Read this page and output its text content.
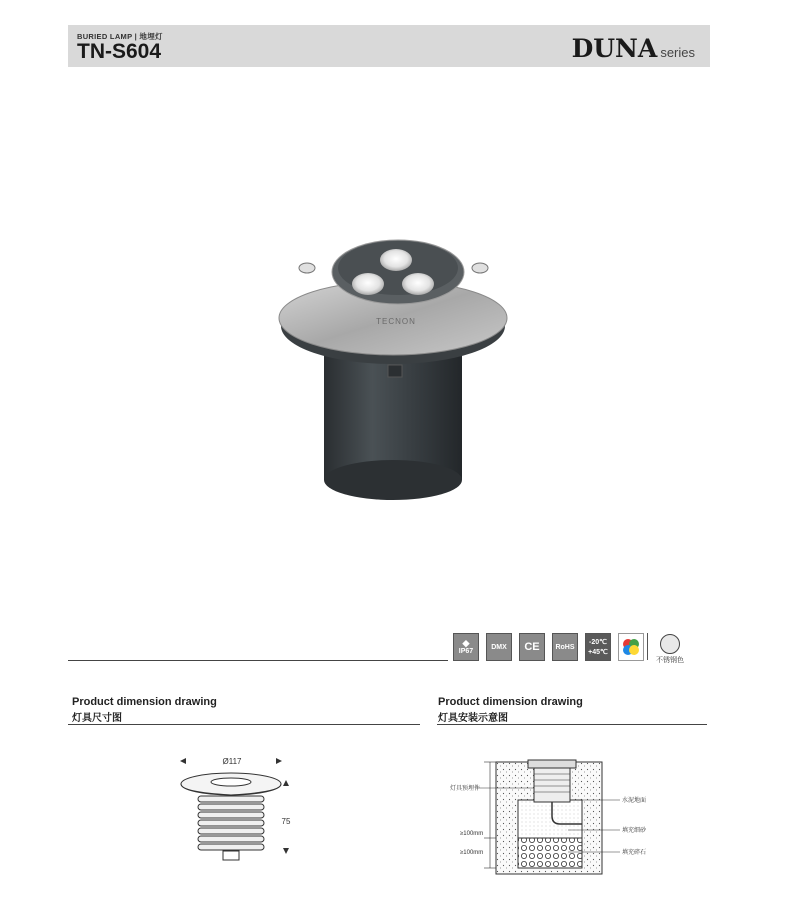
BURIED LAMP | 地埋灯
TN-S604	DUNA series
TECNON
◆
IP67
DMX CE RoHS
-20℃
+45℃
不锈钢色
Product dimension drawing
灯具尺寸图
Product dimension drawing
灯具安装示意图
Ø117
75
灯具预埋件
≥100mm
≥100mm
水泥地面
填充细砂
填充碎石
